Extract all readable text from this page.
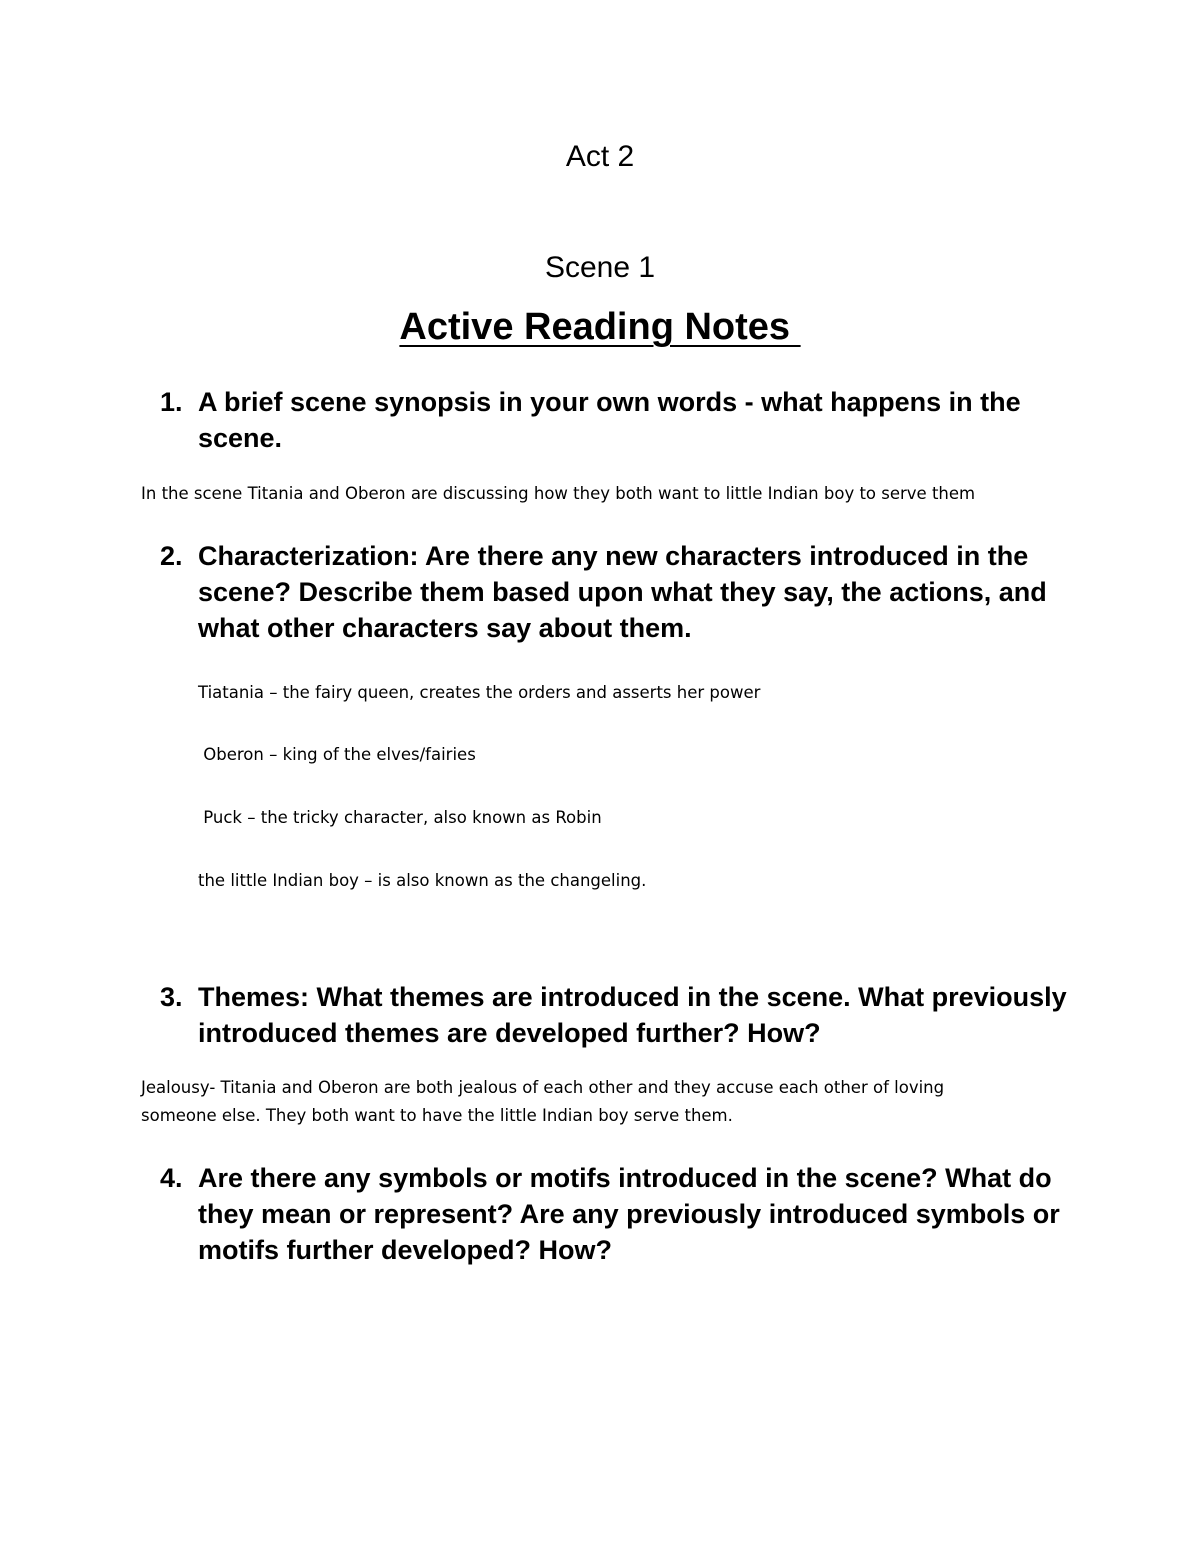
Act 2
Scene 1
Active Reading Notes
1. A brief scene synopsis in your own words - what happens in the scene.
In the scene Titania and Oberon are discussing how they both want to little Indian boy to serve them
2. Characterization: Are there any new characters introduced in the scene? Describe them based upon what they say, the actions, and what other characters say about them.
Tiatania – the fairy queen, creates the orders and asserts her power
Oberon – king of the elves/fairies
Puck – the tricky character, also known as Robin
the little Indian boy – is also known as the changeling.
3. Themes: What themes are introduced in the scene. What previously introduced themes are developed further? How?
Jealousy- Titania and Oberon are both jealous of each other and they accuse each other of loving someone else. They both want to have the little Indian boy serve them.
4. Are there any symbols or motifs introduced in the scene? What do they mean or represent? Are any previously introduced symbols or motifs further developed? How?
